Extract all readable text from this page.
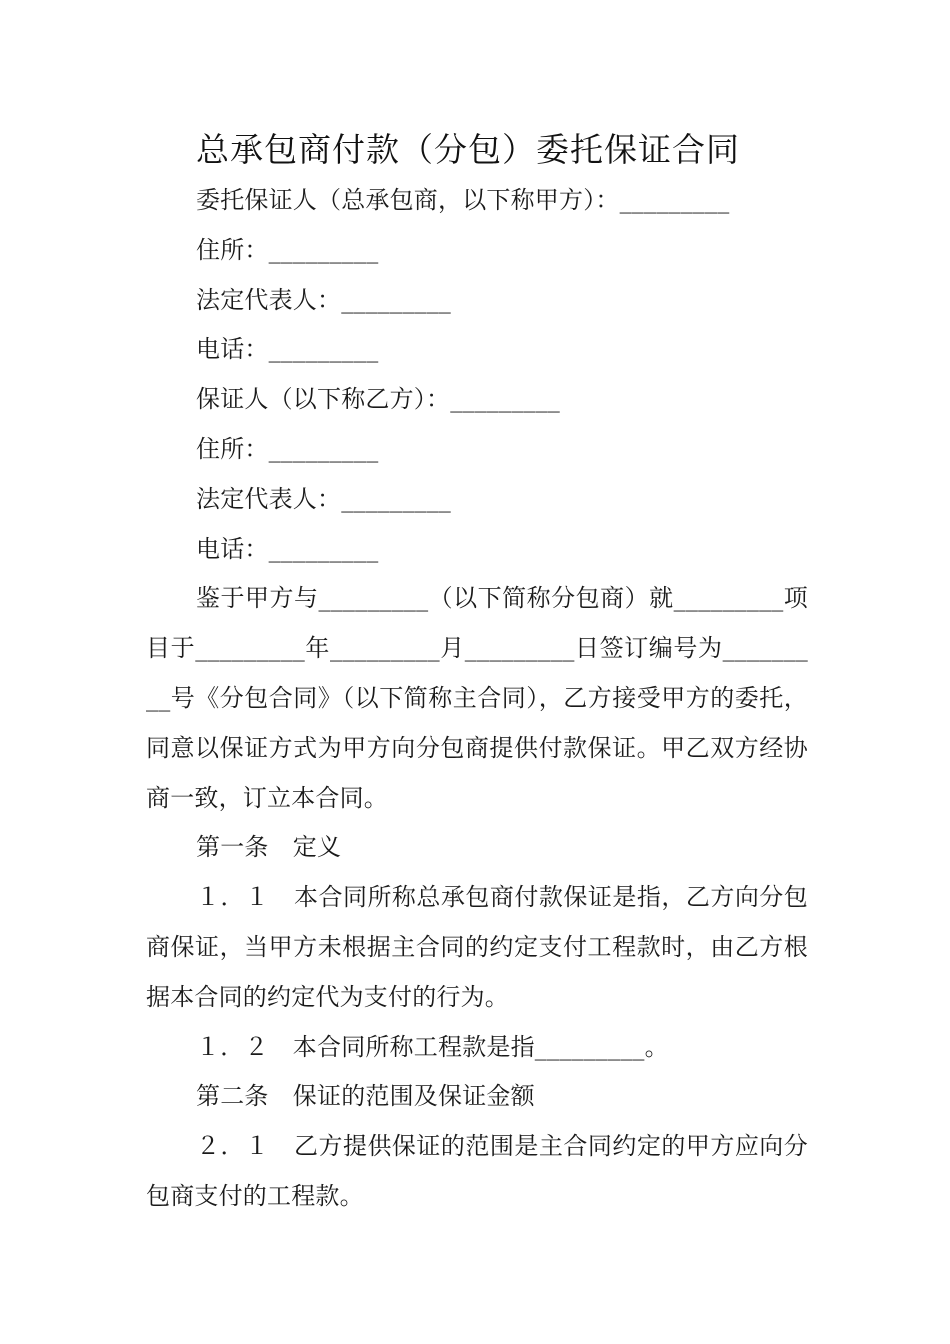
总承包商付款（分包）委托保证合同
委托保证人（总承包商，以下称甲方）：_________
住所：_________
法定代表人：_________
电话：_________
保证人（以下称乙方）：_________
住所：_________
法定代表人：_________
电话：_________
鉴于甲方与_________（以下简称分包商）就_________项目于_________年_________月_________日签订编号为_________号《分包合同》（以下简称主合同），乙方接受甲方的委托，同意以保证方式为甲方向分包商提供付款保证。甲乙双方经协商一致，订立本合同。
第一条　定义
１．１　本合同所称总承包商付款保证是指，乙方向分包商保证，当甲方未根据主合同的约定支付工程款时，由乙方根据本合同的约定代为支付的行为。
１．２　本合同所称工程款是指_________。
第二条　保证的范围及保证金额
２．１　乙方提供保证的范围是主合同约定的甲方应向分包商支付的工程款。
